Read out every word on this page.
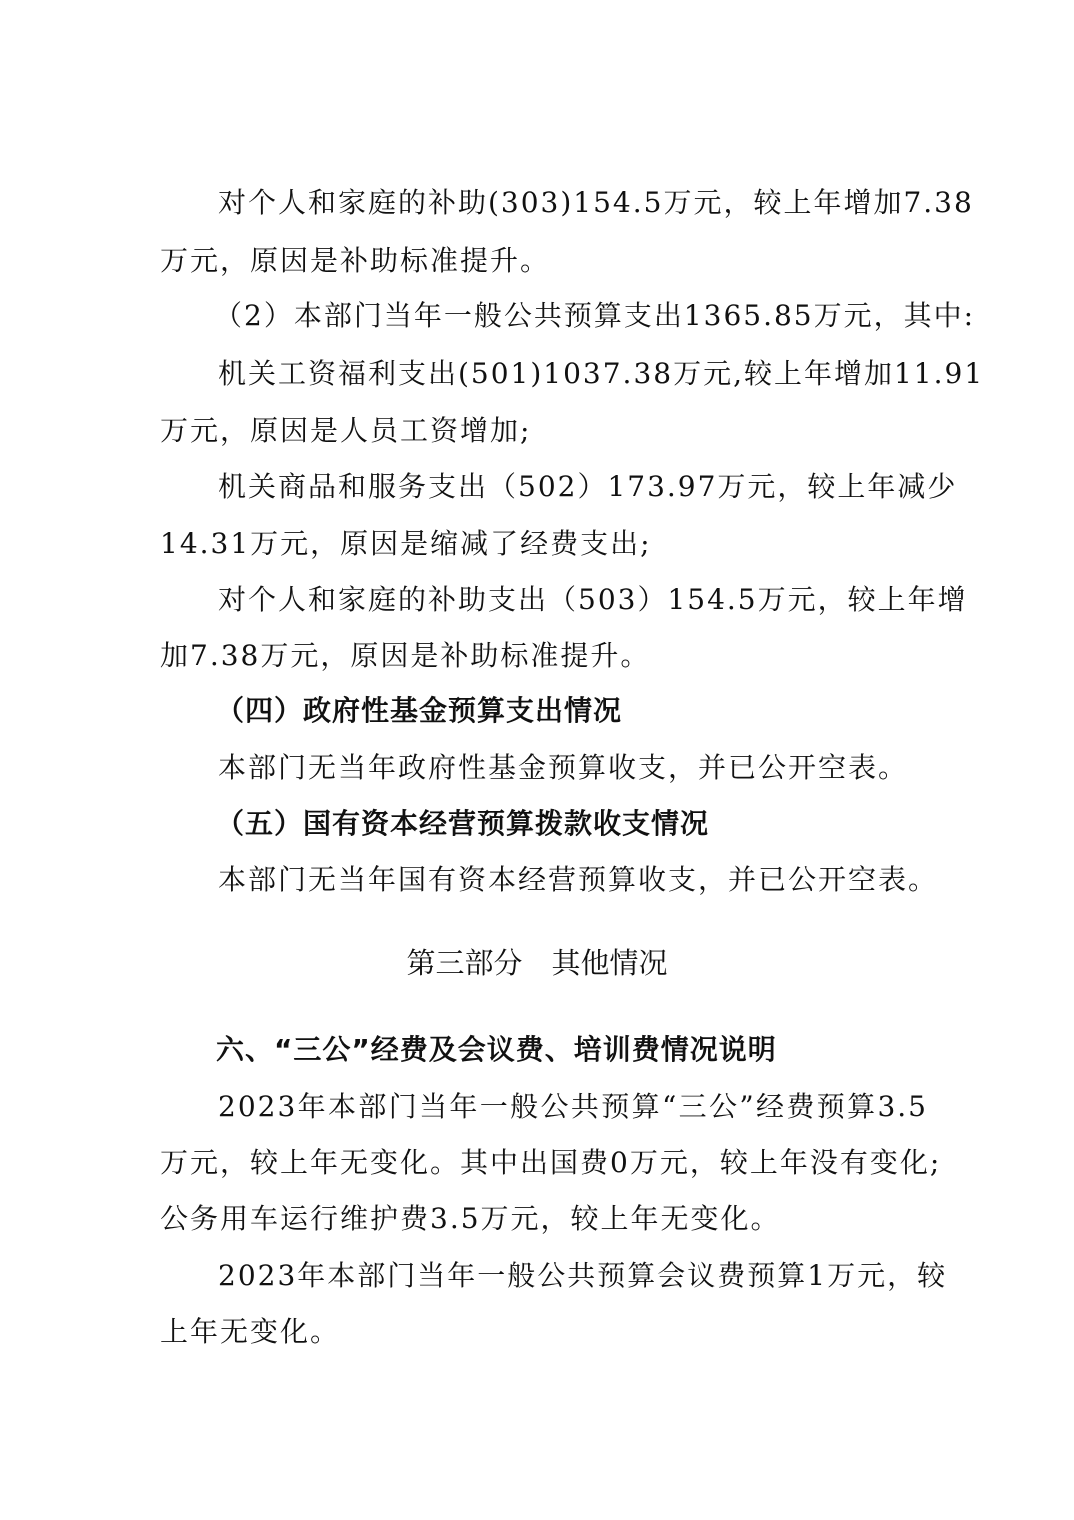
对个人和家庭的补助(303)154.5万元，较上年增加7.38
万元，原因是补助标准提升。
（2）本部门当年一般公共预算支出1365.85万元，其中:
机关工资福利支出(501)1037.38万元,较上年增加11.91
万元，原因是人员工资增加;
机关商品和服务支出（502）173.97万元，较上年减少
14.31万元，原因是缩减了经费支出;
对个人和家庭的补助支出（503）154.5万元，较上年增
加7.38万元，原因是补助标准提升。
（四）政府性基金预算支出情况
本部门无当年政府性基金预算收支，并已公开空表。
（五）国有资本经营预算拨款收支情况
本部门无当年国有资本经营预算收支，并已公开空表。
第三部分　其他情况
六、“三公”经费及会议费、培训费情况说明
2023年本部门当年一般公共预算“三公”经费预算3.5
万元，较上年无变化。其中出国费0万元，较上年没有变化;
公务用车运行维护费3.5万元，较上年无变化。
2023年本部门当年一般公共预算会议费预算1万元，较
上年无变化。
